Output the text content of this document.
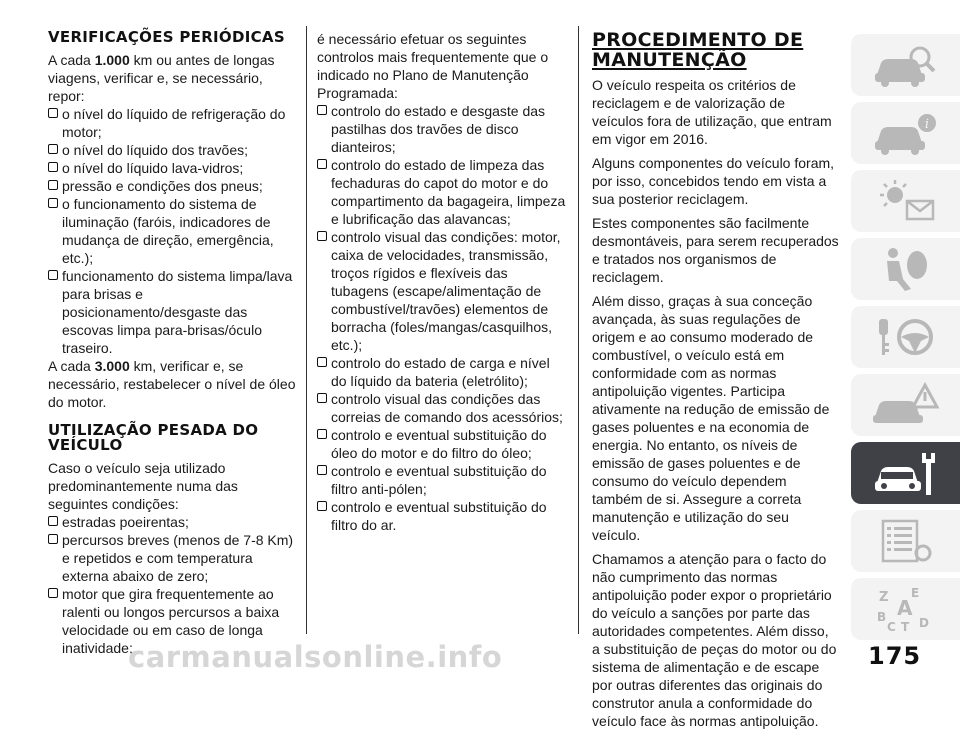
VERIFICAÇÕES PERIÓDICAS

A cada 1.000 km ou antes de longas viagens, verificar e, se necessário, repor:

o nível do líquido de refrigeração do motor;
o nível do líquido dos travões;
o nível do líquido lava-vidros;
pressão e condições dos pneus;
o funcionamento do sistema de iluminação (faróis, indicadores de mudança de direção, emergência, etc.);
funcionamento do sistema limpa/lava para brisas e posicionamento/desgaste das escovas limpa para-brisas/óculo traseiro.

A cada 3.000 km, verificar e, se necessário, restabelecer o nível de óleo do motor.

UTILIZAÇÃO PESADA DO VEÍCULO

Caso o veículo seja utilizado predominantemente numa das seguintes condições:

estradas poeirentas;
percursos breves (menos de 7-8 Km) e repetidos e com temperatura externa abaixo de zero;
motor que gira frequentemente ao ralenti ou longos percursos a baixa velocidade ou em caso de longa inatividade;

é necessário efetuar os seguintes controlos mais frequentemente que o indicado no Plano de Manutenção Programada:

controlo do estado e desgaste das pastilhas dos travões de disco dianteiros;
controlo do estado de limpeza das fechaduras do capot do motor e do compartimento da bagageira, limpeza e lubrificação das alavancas;
controlo visual das condições: motor, caixa de velocidades, transmissão, troços rígidos e flexíveis das tubagens (escape/alimentação de combustível/travões) elementos de borracha (foles/mangas/casquilhos, etc.);
controlo do estado de carga e nível do líquido da bateria (eletrólito);
controlo visual das condições das correias de comando dos acessórios;
controlo e eventual substituição do óleo do motor e do filtro do óleo;
controlo e eventual substituição do filtro anti-pólen;
controlo e eventual substituição do filtro do ar.
PROCEDIMENTO DE MANUTENÇÃO

O veículo respeita os critérios de reciclagem e de valorização de veículos fora de utilização, que entram em vigor em 2016.

Alguns componentes do veículo foram, por isso, concebidos tendo em vista a sua posterior reciclagem.

Estes componentes são facilmente desmontáveis, para serem recuperados e tratados nos organismos de reciclagem.

Além disso, graças à sua conceção avançada, às suas regulações de origem e ao consumo moderado de combustível, o veículo está em conformidade com as normas antipoluição vigentes. Participa ativamente na redução de emissão de gases poluentes e na economia de energia. No entanto, os níveis de emissão de gases poluentes e de consumo do veículo dependem também de si. Assegure a correta manutenção e utilização do seu veículo.

Chamamos a atenção para o facto do não cumprimento das normas antipoluição poder expor o proprietário do veículo a sanções por parte das autoridades competentes. Além disso, a substituição de peças do motor ou do sistema de alimentação e de escape por outras diferentes das originais do construtor anula a conformidade do veículo face às normas antipoluição.

i
Z E
A
B
C T D
carmanualsonline.info	175
